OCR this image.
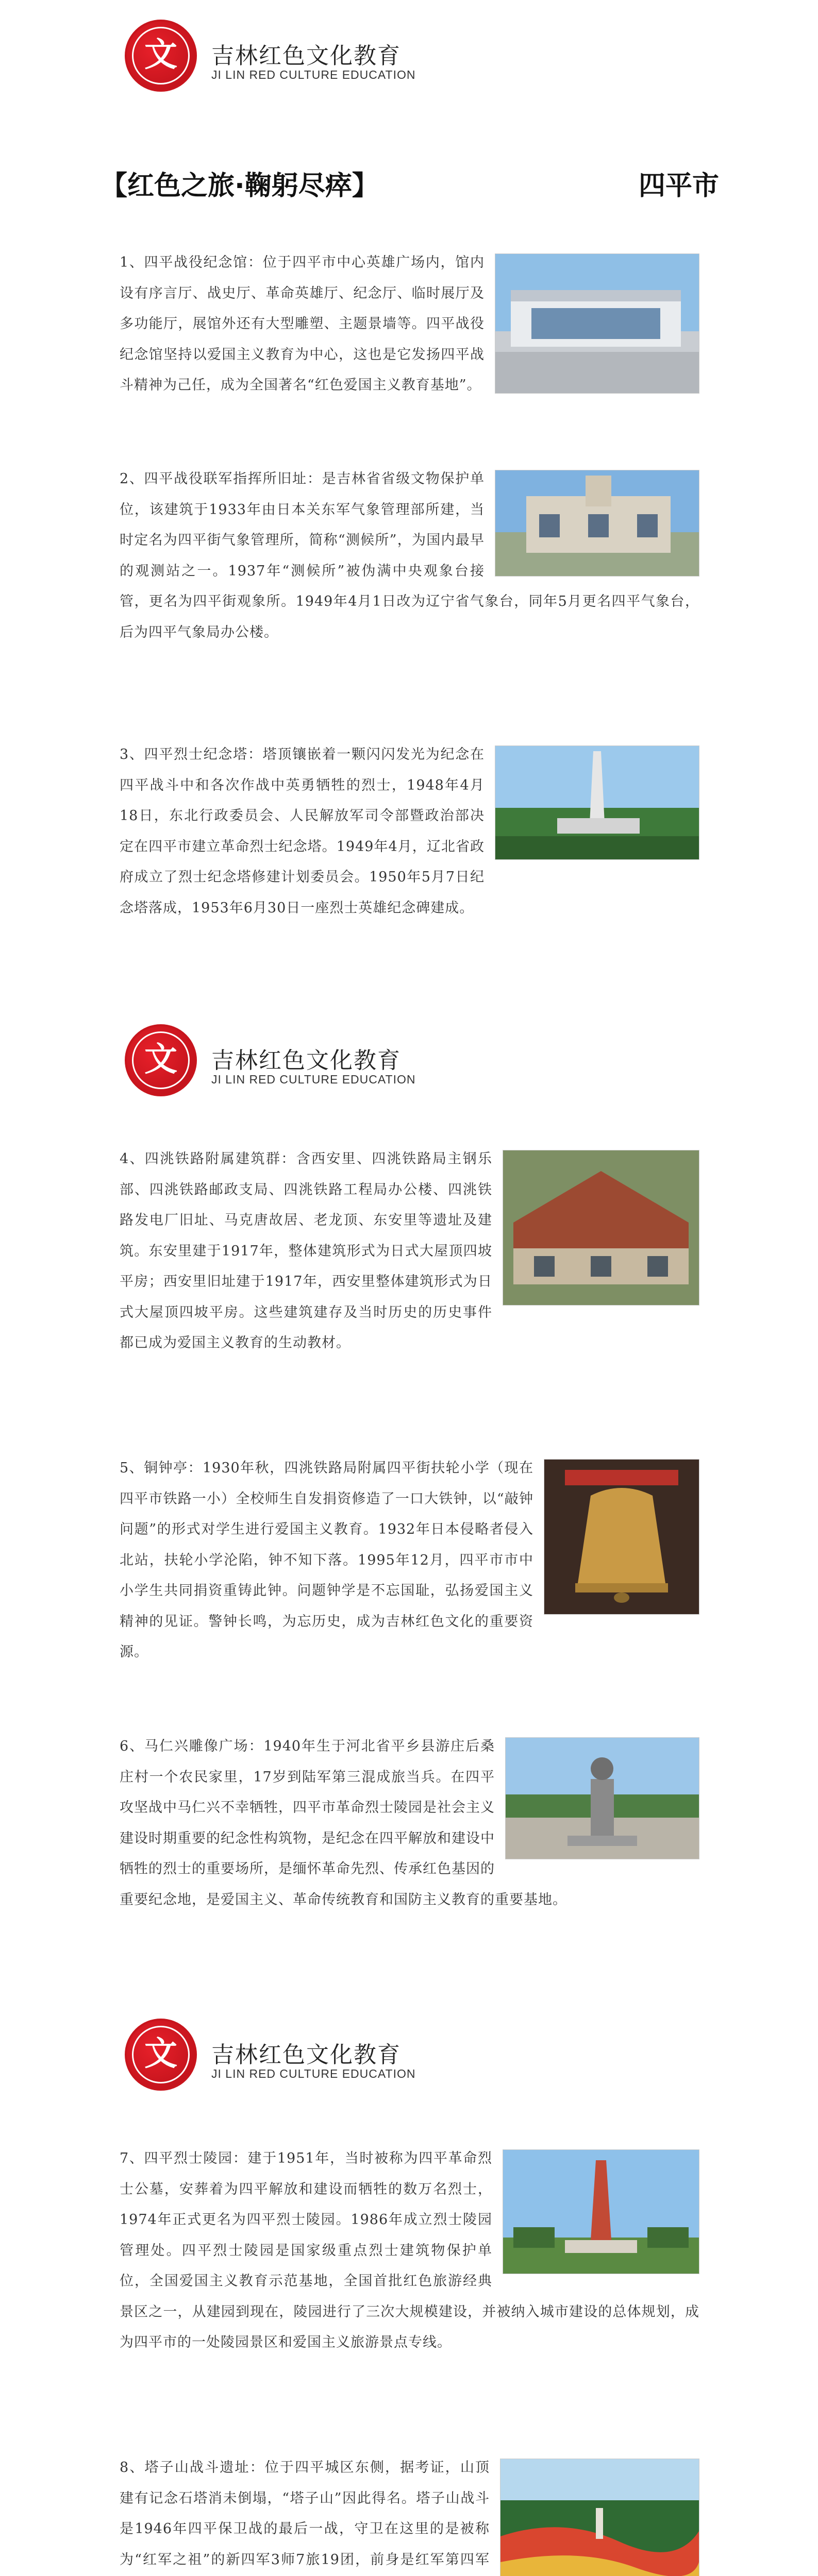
文	吉林红色文化教育
JI LIN RED CULTURE EDUCATION
【红色之旅·鞠躬尽瘁】	四平市

1、四平战役纪念馆：位于四平市中心英雄广场内，馆内设有序言厅、战史厅、革命英雄厅、纪念厅、临时展厅及多功能厅，展馆外还有大型雕塑、主题景墙等。四平战役纪念馆坚持以爱国主义教育为中心，这也是它发扬四平战斗精神为己任，成为全国著名“红色爱国主义教育基地”。

2、四平战役联军指挥所旧址：是吉林省省级文物保护单位，该建筑于1933年由日本关东军气象管理部所建，当时定名为四平街气象管理所，简称“测候所”，为国内最早的观测站之一。1937年“测候所”被伪满中央观象台接管，更名为四平街观象所。1949年4月1日改为辽宁省气象台，同年5月更名四平气象台，后为四平气象局办公楼。

3、四平烈士纪念塔：塔顶镶嵌着一颗闪闪发光为纪念在四平战斗中和各次作战中英勇牺牲的烈士，1948年4月18日，东北行政委员会、人民解放军司令部暨政治部决定在四平市建立革命烈士纪念塔。1949年4月，辽北省政府成立了烈士纪念塔修建计划委员会。1950年5月7日纪念塔落成，1953年6月30日一座烈士英雄纪念碑建成。

文	吉林红色文化教育
JI LIN RED CULTURE EDUCATION

4、四洮铁路附属建筑群：含西安里、四洮铁路局主钢乐部、四洮铁路邮政支局、四洮铁路工程局办公楼、四洮铁路发电厂旧址、马克唐故居、老龙顶、东安里等遗址及建筑。东安里建于1917年，整体建筑形式为日式大屋顶四坡平房；西安里旧址建于1917年，西安里整体建筑形式为日式大屋顶四坡平房。这些建筑建存及当时历史的历史事件都已成为爱国主义教育的生动教材。

5、铜钟亭：1930年秋，四洮铁路局附属四平街扶轮小学（现在四平市铁路一小）全校师生自发捐资修造了一口大铁钟，以“敲钟问题”的形式对学生进行爱国主义教育。1932年日本侵略者侵入北站，扶轮小学沦陷，钟不知下落。1995年12月，四平市市中小学生共同捐资重铸此钟。问题钟学是不忘国耻，弘扬爱国主义精神的见证。警钟长鸣，为忘历史，成为吉林红色文化的重要资源。

6、马仁兴雕像广场：1940年生于河北省平乡县游庄后桑庄村一个农民家里，17岁到陆军第三混成旅当兵。在四平攻坚战中马仁兴不幸牺牲，四平市革命烈士陵园是社会主义建设时期重要的纪念性构筑物，是纪念在四平解放和建设中牺牲的烈士的重要场所，是缅怀革命先烈、传承红色基因的重要纪念地，是爱国主义、革命传统教育和国防主义教育的重要基地。

文	吉林红色文化教育
JI LIN RED CULTURE EDUCATION

7、四平烈士陵园：建于1951年，当时被称为四平革命烈士公墓，安葬着为四平解放和建设而牺牲的数万名烈士，1974年正式更名为四平烈士陵园。1986年成立烈士陵园管理处。四平烈士陵园是国家级重点烈士建筑物保护单位，全国爱国主义教育示范基地，全国首批红色旅游经典景区之一，从建园到现在，陵园进行了三次大规模建设，并被纳入城市建设的总体规划，成为四平市的一处陵园景区和爱国主义旅游景点专线。

8、塔子山战斗遗址：位于四平城区东侧，据考证，山顶建有记念石塔消未倒塌，“塔子山”因此得名。塔子山战斗是1946年四平保卫战的最后一战，守卫在这里的是被称为“红军之祖”的新四军3师7旅19团，前身是红军第四军
